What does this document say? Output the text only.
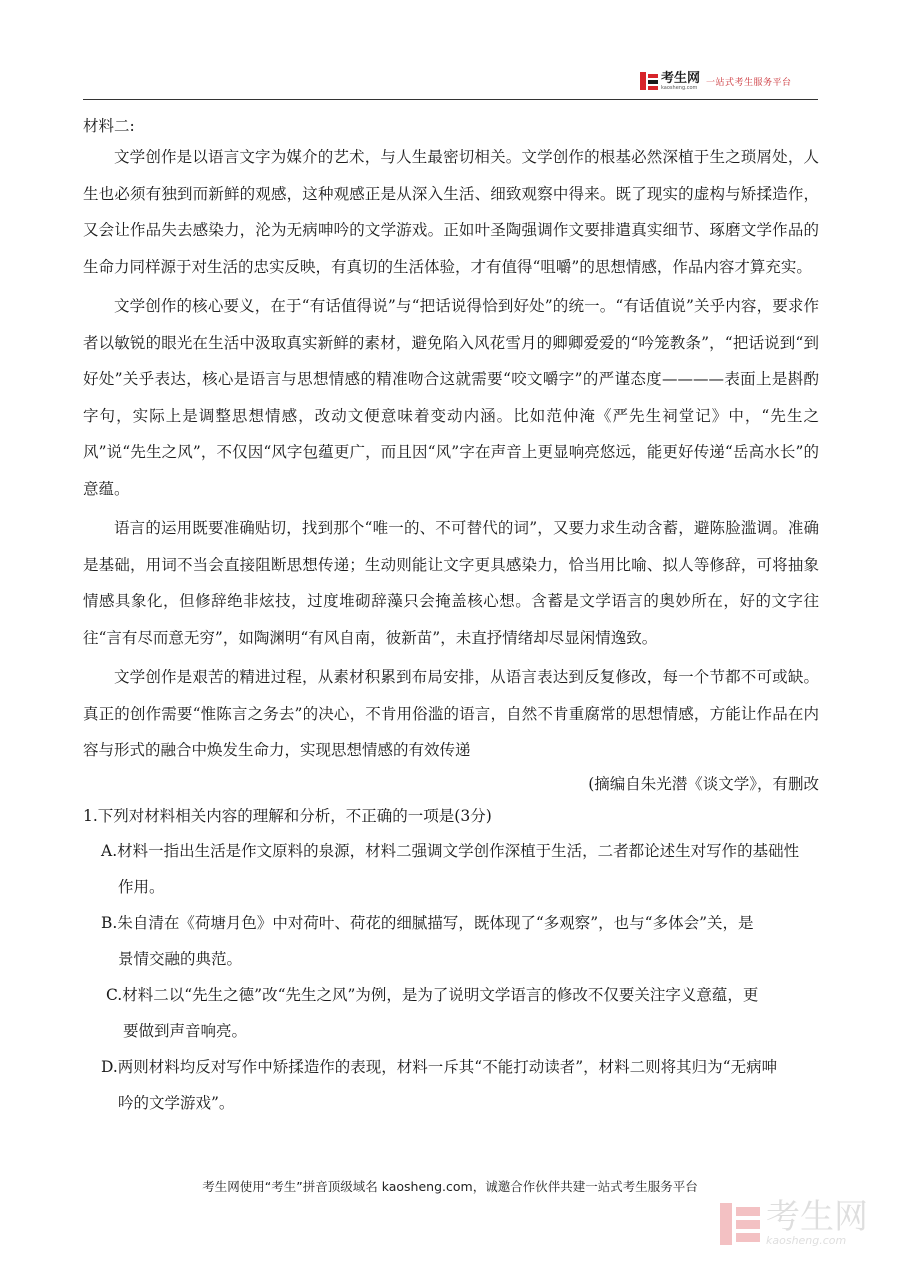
考生网
kaosheng.com 一站式考生服务平台

材料二:

文学创作是以语言文字为媒介的艺术，与人生最密切相关。文学创作的根基必然深植于生之琐屑处，人生也必须有独到而新鲜的观感，这种观感正是从深入生活、细致观察中得来。既了现实的虚构与矫揉造作，又会让作品失去感染力，沦为无病呻吟的文学游戏。正如叶圣陶强调作文要排遣真实细节、琢磨文学作品的生命力同样源于对生活的忠实反映，有真切的生活体验，才有值得“咀嚼”的思想情感，作品内容才算充实。

文学创作的核心要义，在于“有话值得说”与“把话说得恰到好处”的统一。“有话值说”关乎内容，要求作者以敏锐的眼光在生活中汲取真实新鲜的素材，避免陷入风花雪月的卿卿爱爱的“吟笼教条”，“把话说到“到好处”关乎表达，核心是语言与思想情感的精准吻合这就需要“咬文嚼字”的严谨态度————表面上是斟酌字句，实际上是调整思想情感，改动文便意味着变动内涵。比如范仲淹《严先生祠堂记》中，“先生之风”说“先生之风”，不仅因“风字包蕴更广，而且因“风”字在声音上更显响亮悠远，能更好传递“岳高水长”的意蕴。

语言的运用既要准确贴切，找到那个“唯一的、不可替代的词”，又要力求生动含蓄，避陈脸滥调。准确是基础，用词不当会直接阻断思想传递；生动则能让文字更具感染力，恰当用比喻、拟人等修辞，可将抽象情感具象化，但修辞绝非炫技，过度堆砌辞藻只会掩盖核心想。含蓄是文学语言的奥妙所在，好的文字往往“言有尽而意无穷”，如陶渊明“有风自南，彼新苗”，未直抒情绪却尽显闲情逸致。

文学创作是艰苦的精进过程，从素材积累到布局安排，从语言表达到反复修改，每一个节都不可或缺。真正的创作需要“惟陈言之务去”的决心，不肯用俗滥的语言，自然不肯重腐常的思想情感，方能让作品在内容与形式的融合中焕发生命力，实现思想情感的有效传递

(摘编自朱光潜《谈文学》，有删改

1.下列对材料相关内容的理解和分析，不正确的一项是(3分)

A.材料一指出生活是作文原料的泉源，材料二强调文学创作深植于生活，二者都论述生对写作的基础性
作用。
B.朱自清在《荷塘月色》中对荷叶、荷花的细腻描写，既体现了“多观察”，也与“多体会”关，是
景情交融的典范。
C.材料二以“先生之德”改“先生之风”为例，是为了说明文学语言的修改不仅要关注字义意蕴，更
要做到声音响亮。
D.两则材料均反对写作中矫揉造作的表现，材料一斥其“不能打动读者”，材料二则将其归为“无病呻
吟的文学游戏”。
考生网使用“考生”拼音顶级域名 kaosheng.com，诚邀合作伙伴共建一站式考生服务平台
考生网
kaosheng.com
